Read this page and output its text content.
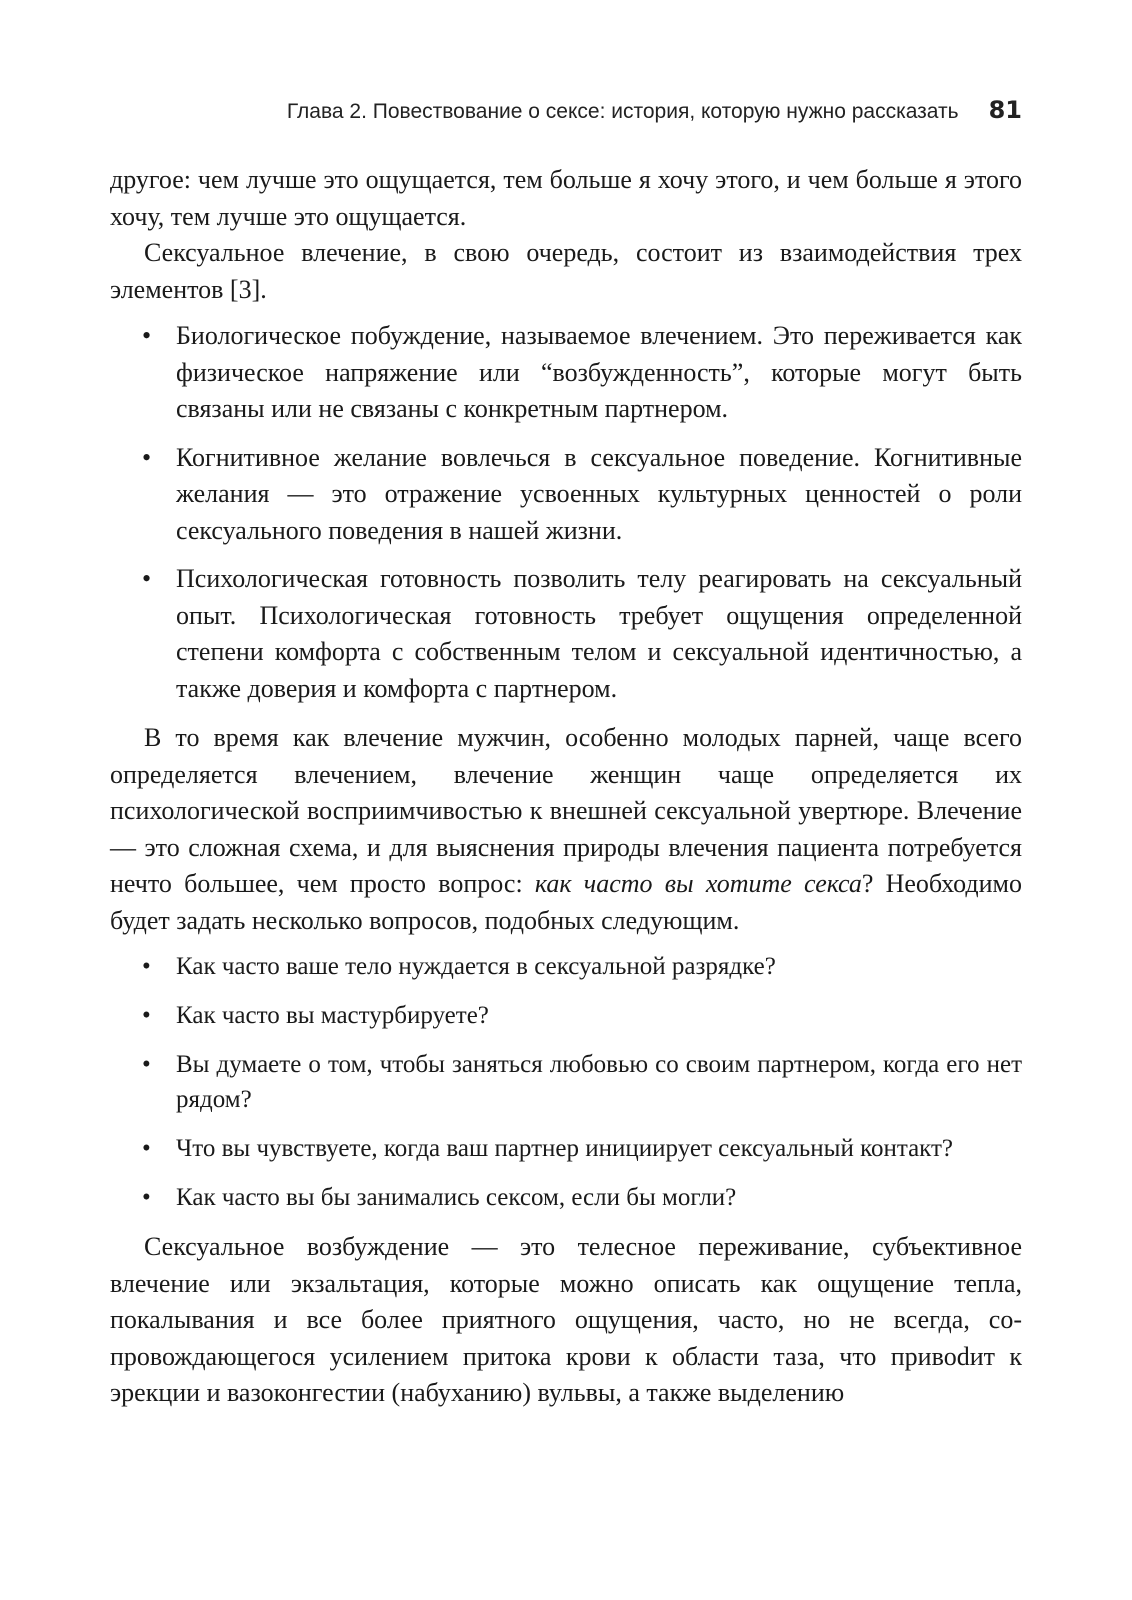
Глава 2. Повествование о сексе: история, которую нужно рассказать 81

другое: чем лучше это ощущается, тем больше я хочу этого, и чем больше я этого хочу, тем лучше это ощущается.

Сексуальное влечение, в свою очередь, состоит из взаимодействия трех элементов [3].

• Биологическое побуждение, называемое влечением. Это переживается как физическое напряжение или “возбужденность”, которые могут быть связаны или не связаны с конкретным партнером.
• Когнитивное желание вовлечься в сексуальное поведение. Когнитивные желания — это отражение усвоенных культурных ценностей о роли сексуального поведения в нашей жизни.
• Психологическая готовность позволить телу реагировать на сексуальный опыт. Психологическая готовность требует ощущения определенной степени комфорта с собственным телом и сексуальной идентичностью, а также доверия и комфорта с партнером.

В то время как влечение мужчин, особенно молодых парней, чаще всего определяется влечением, влечение женщин чаще определяется их психологической восприимчивостью к внешней сексуальной увертюре. Влечение — это сложная схема, и для выяснения природы влечения пациента потребуется нечто большее, чем просто вопрос: как часто вы хотите секса? Необходимо будет задать несколько вопросов, подобных следующим.

• Как часто ваше тело нуждается в сексуальной разрядке?
• Как часто вы мастурбируете?
• Вы думаете о том, чтобы заняться любовью со своим партнером, когда его нет рядом?
• Что вы чувствуете, когда ваш партнер инициирует сексуальный контакт?
• Как часто вы бы занимались сексом, если бы могли?

Сексуальное возбуждение — это телесное переживание, субъективное влечение или экзальтация, которые можно описать как ощущение тепла, покалывания и все более приятного ощущения, часто, но не всегда, сопровождающегося усилением притока крови к области таза, что привоdит к эрекции и вазоконгестии (набуханию) вульвы, а также выделению
